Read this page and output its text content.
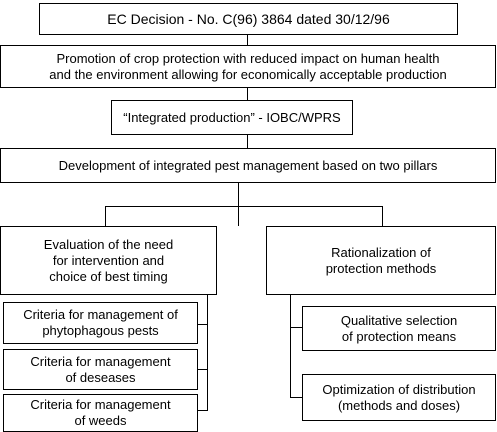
EC Decision - No. C(96) 3864 dated 30/12/96
Promotion of crop protection with reduced impact on human health
and the environment allowing for economically acceptable production
“Integrated production” - IOBC/WPRS
Development of integrated pest management based on two pillars
Evaluation of the need
for intervention and
choice of best timing
Rationalization of
protection methods
Criteria for management of
phytophagous pests
Criteria for management
of deseases
Criteria for management
of weeds
Qualitative selection
of protection means
Optimization of distribution
(methods and doses)
